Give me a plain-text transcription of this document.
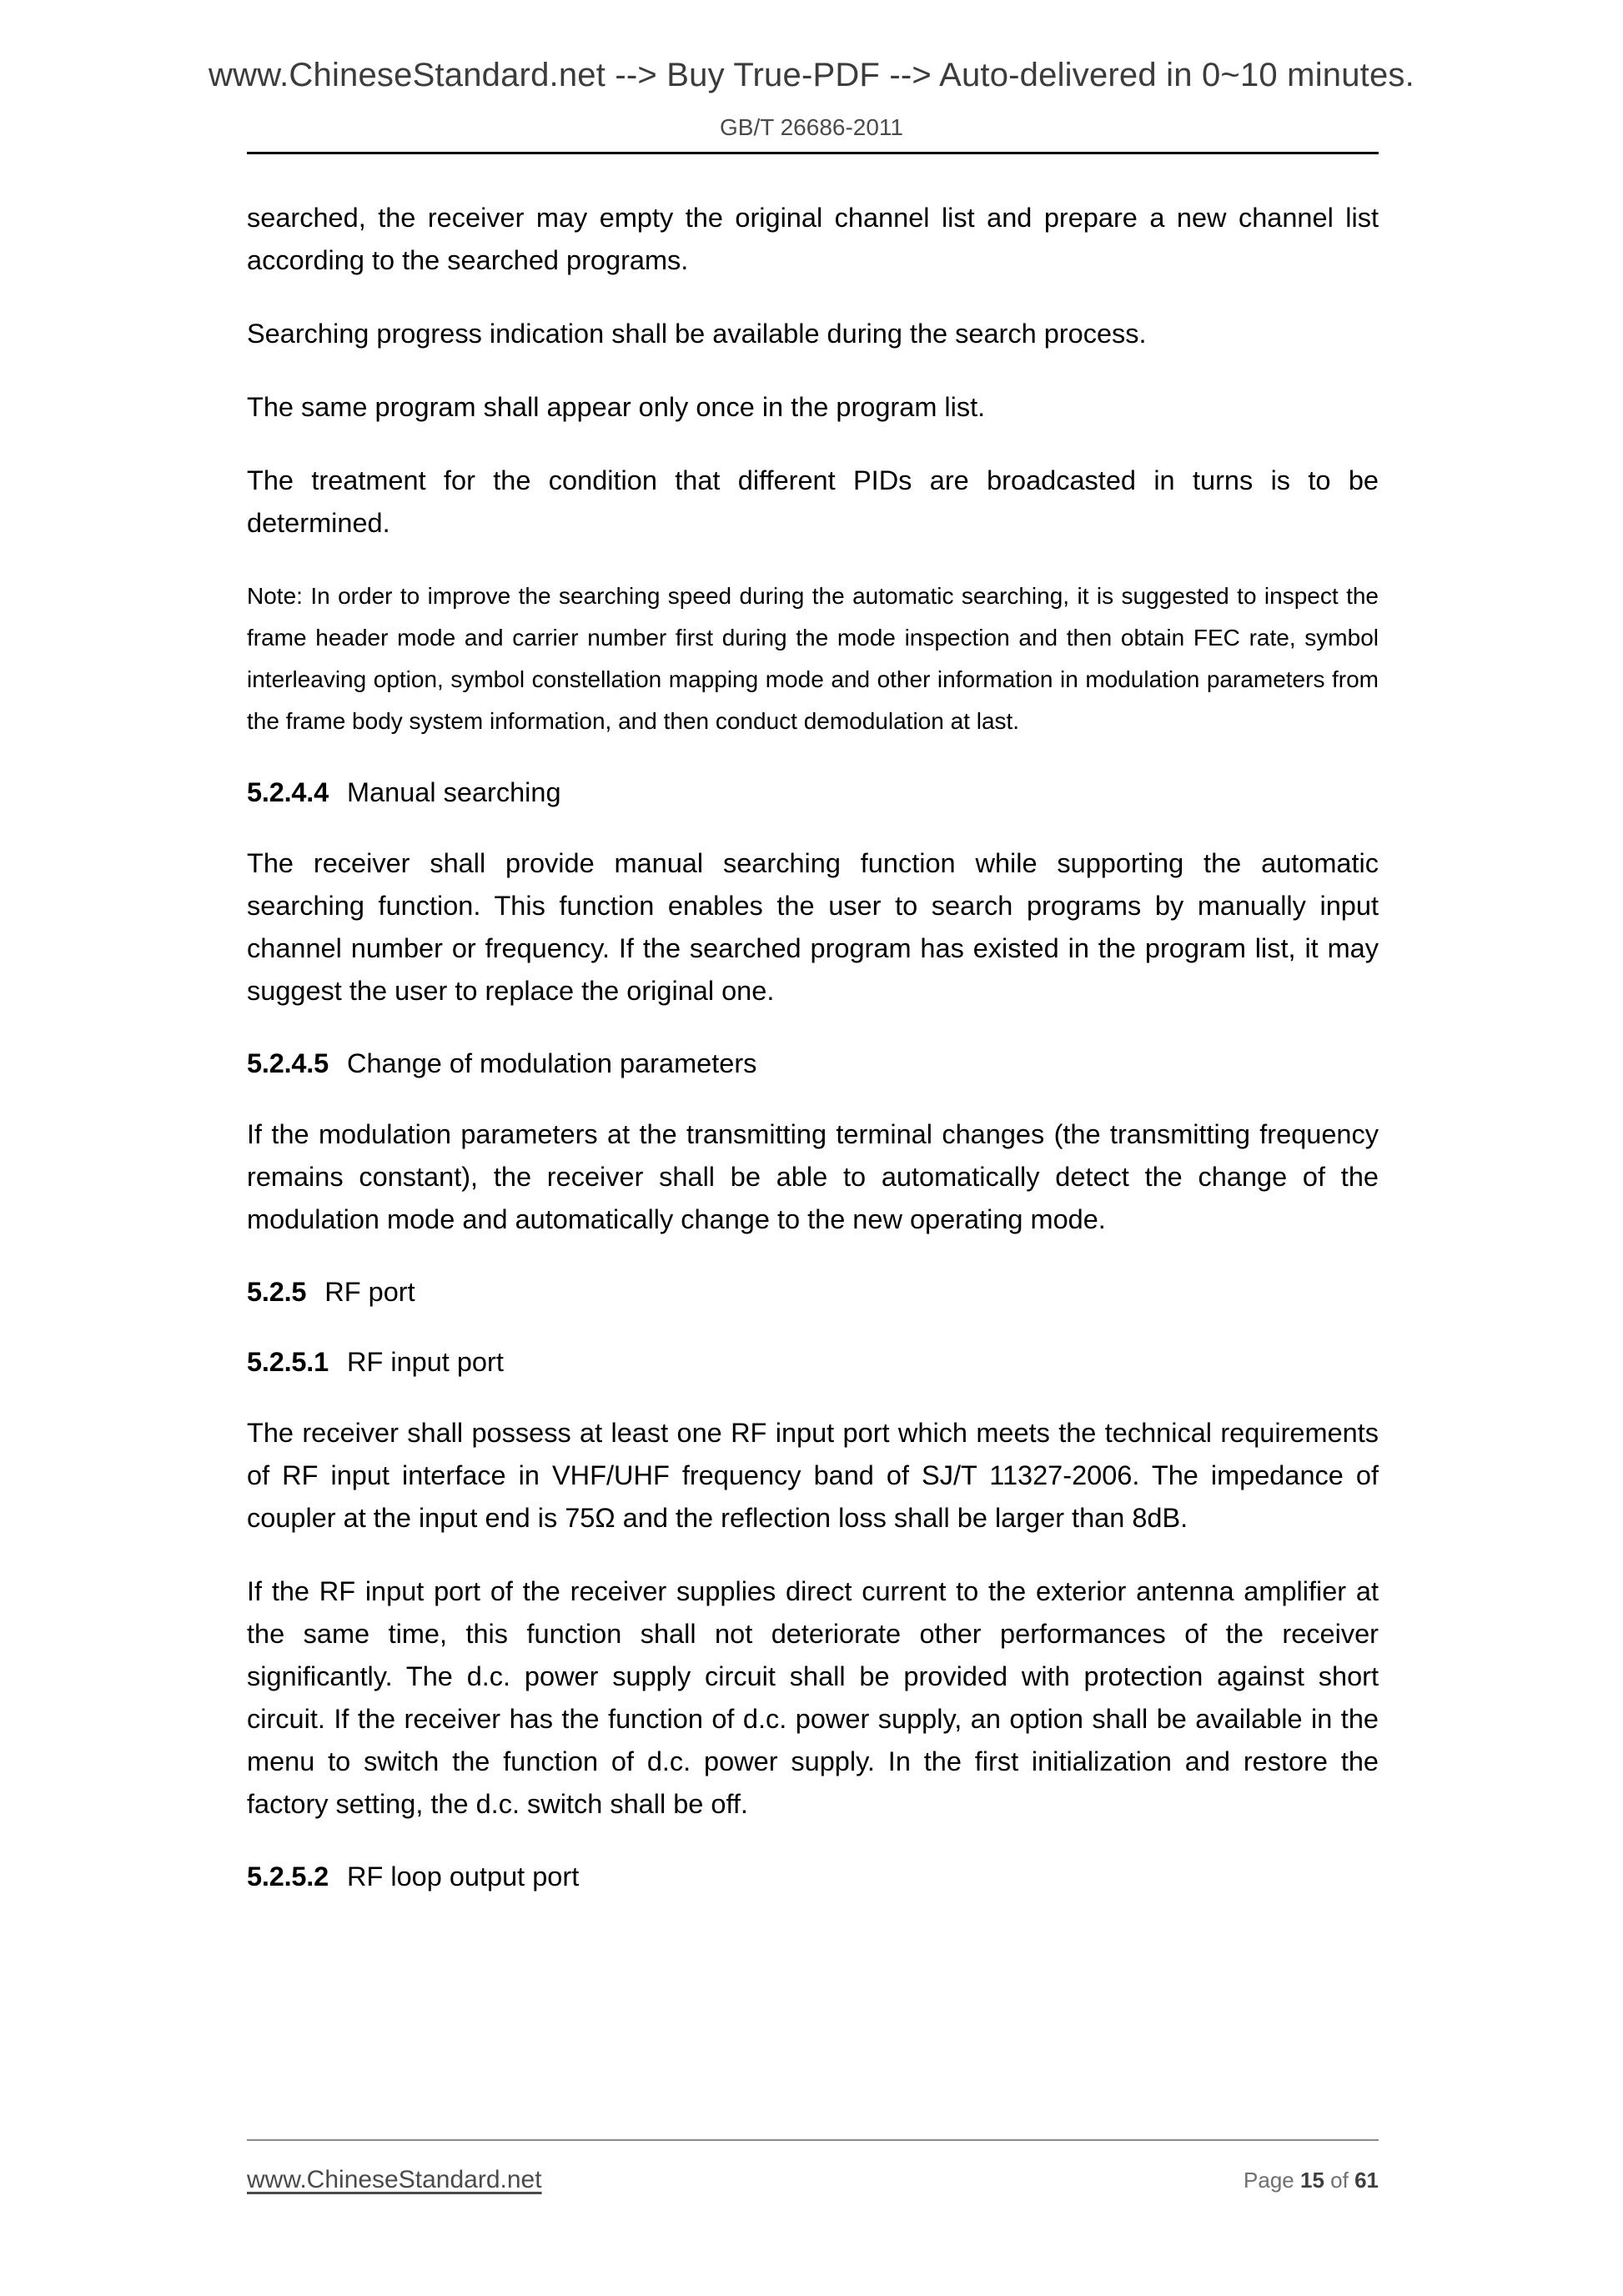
www.ChineseStandard.net --> Buy True-PDF --> Auto-delivered in 0~10 minutes.
GB/T 26686-2011

searched, the receiver may empty the original channel list and prepare a new channel list according to the searched programs.

Searching progress indication shall be available during the search process.

The same program shall appear only once in the program list.

The treatment for the condition that different PIDs are broadcasted in turns is to be determined.

Note: In order to improve the searching speed during the automatic searching, it is suggested to inspect the frame header mode and carrier number first during the mode inspection and then obtain FEC rate, symbol interleaving option, symbol constellation mapping mode and other information in modulation parameters from the frame body system information, and then conduct demodulation at last.

5.2.4.4 Manual searching

The receiver shall provide manual searching function while supporting the automatic searching function. This function enables the user to search programs by manually input channel number or frequency. If the searched program has existed in the program list, it may suggest the user to replace the original one.

5.2.4.5 Change of modulation parameters

If the modulation parameters at the transmitting terminal changes (the transmitting frequency remains constant), the receiver shall be able to automatically detect the change of the modulation mode and automatically change to the new operating mode.

5.2.5 RF port
5.2.5.1 RF input port

The receiver shall possess at least one RF input port which meets the technical requirements of RF input interface in VHF/UHF frequency band of SJ/T 11327-2006. The impedance of coupler at the input end is 75Ω and the reflection loss shall be larger than 8dB.

If the RF input port of the receiver supplies direct current to the exterior antenna amplifier at the same time, this function shall not deteriorate other performances of the receiver significantly. The d.c. power supply circuit shall be provided with protection against short circuit. If the receiver has the function of d.c. power supply, an option shall be available in the menu to switch the function of d.c. power supply. In the first initialization and restore the factory setting, the d.c. switch shall be off.

5.2.5.2 RF loop output port
www.ChineseStandard.net	Page 15 of 61
